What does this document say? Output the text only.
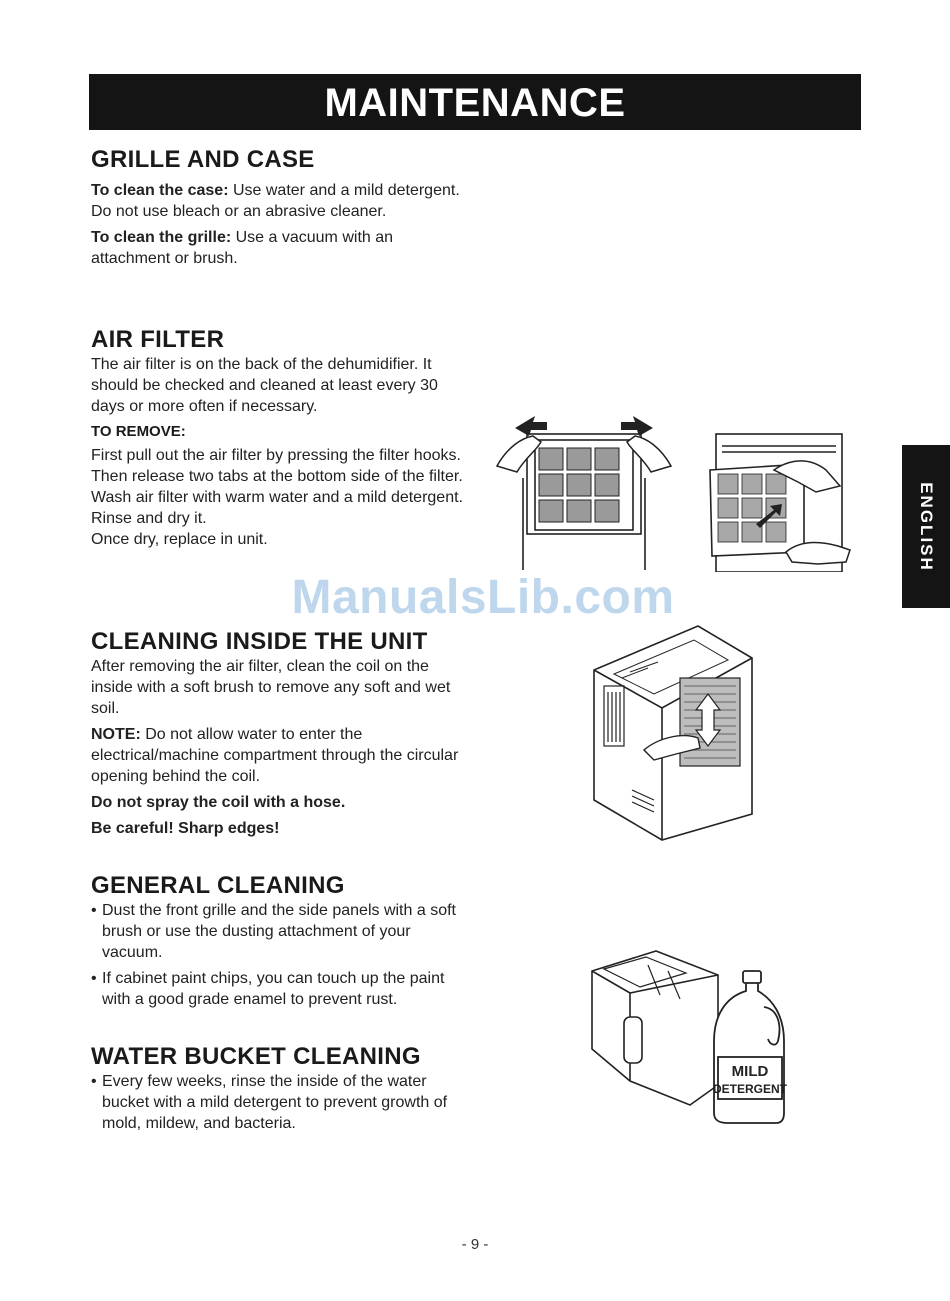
MAINTENANCE
ENGLISH
GRILLE AND CASE

To clean the case: Use water and a mild detergent. Do not use bleach or an abrasive cleaner.

To clean the grille: Use a vacuum with an attachment or brush.

AIR FILTER

The air filter is on the back of the dehumidifier. It should be checked and cleaned at least every 30 days or more often if necessary.

TO REMOVE:

First pull out the air filter by pressing the filter hooks. Then release two tabs at the bottom side of the filter.

Wash air filter with warm water and a mild detergent. Rinse and dry it.

Once dry, replace in unit.

CLEANING INSIDE THE UNIT

After removing the air filter, clean the coil on the inside with a soft brush to remove any soft and wet soil.

NOTE: Do not allow water to enter the electrical/machine compartment through the circular opening behind the coil.

Do not spray the coil with a hose.

Be careful! Sharp edges!

GENERAL CLEANING
• Dust the front grille and the side panels with a soft brush or use the dusting attachment of your vacuum.
• If cabinet paint chips, you can touch up the paint with a good grade enamel to prevent rust.
WATER BUCKET CLEANING
• Every few weeks, rinse the inside of the water bucket with a mild detergent to prevent growth of mold, mildew, and bacteria.
MILD
DETERGENT
ManualsLib.com
- 9 -
